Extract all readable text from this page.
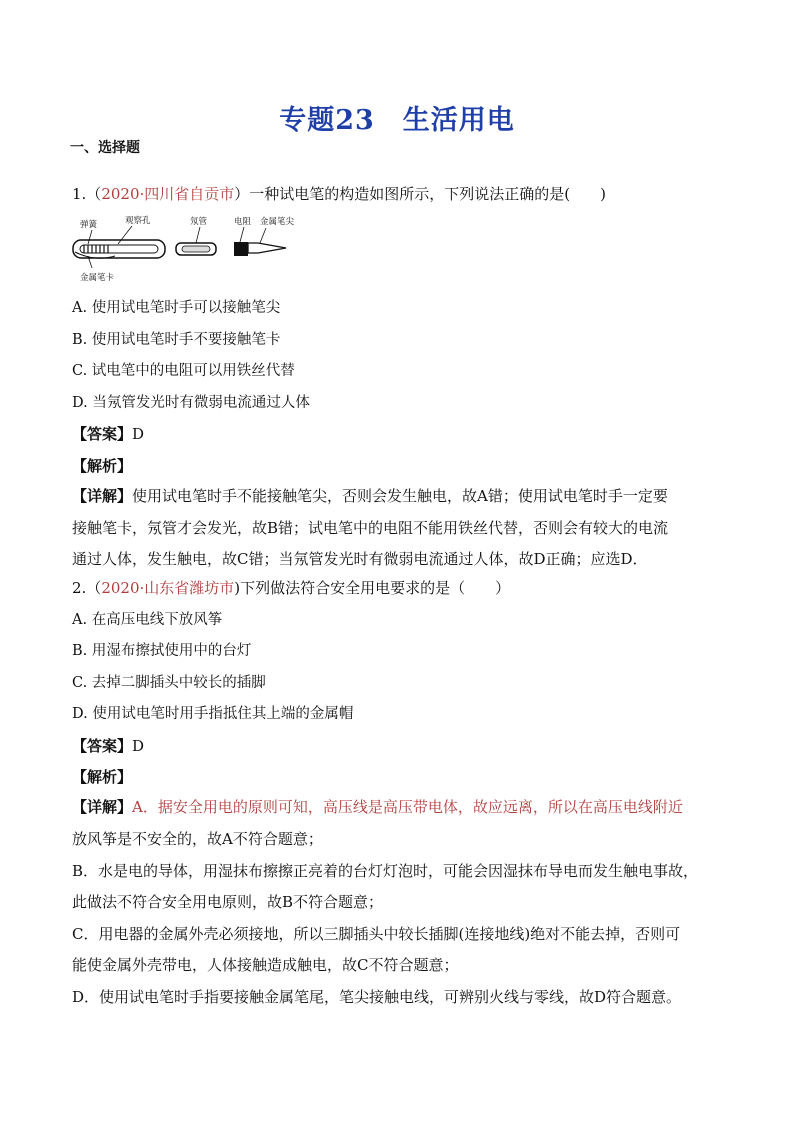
专题23 生活用电
一、选择题
1.（2020·四川省自贡市）一种试电笔的构造如图所示，下列说法正确的是(　　)
弹簧	观察孔	氖管	电阻 金属笔尖
金属笔卡
A. 使用试电笔时手可以接触笔尖
B. 使用试电笔时手不要接触笔卡
C. 试电笔中的电阻可以用铁丝代替
D. 当氖管发光时有微弱电流通过人体
【答案】D
【解析】
【详解】使用试电笔时手不能接触笔尖，否则会发生触电，故A错；使用试电笔时手一定要
接触笔卡，氖管才会发光，故B错；试电笔中的电阻不能用铁丝代替，否则会有较大的电流
通过人体，发生触电，故C错；当氖管发光时有微弱电流通过人体，故D正确；应选D．
2.（2020·山东省潍坊市)下列做法符合安全用电要求的是（　　）
A. 在高压电线下放风筝
B. 用湿布擦拭使用中的台灯
C. 去掉二脚插头中较长的插脚
D. 使用试电笔时用手指抵住其上端的金属帽
【答案】D
【解析】
【详解】A．据安全用电的原则可知，高压线是高压带电体，故应远离，所以在高压电线附近
放风筝是不安全的，故A不符合题意；
B．水是电的导体，用湿抹布擦擦正亮着的台灯灯泡时，可能会因湿抹布导电而发生触电事故，
此做法不符合安全用电原则，故B不符合题意；
C．用电器的金属外壳必须接地，所以三脚插头中较长插脚(连接地线)绝对不能去掉，否则可
能使金属外壳带电，人体接触造成触电，故C不符合题意；
D．使用试电笔时手指要接触金属笔尾，笔尖接触电线，可辨别火线与零线，故D符合题意。
